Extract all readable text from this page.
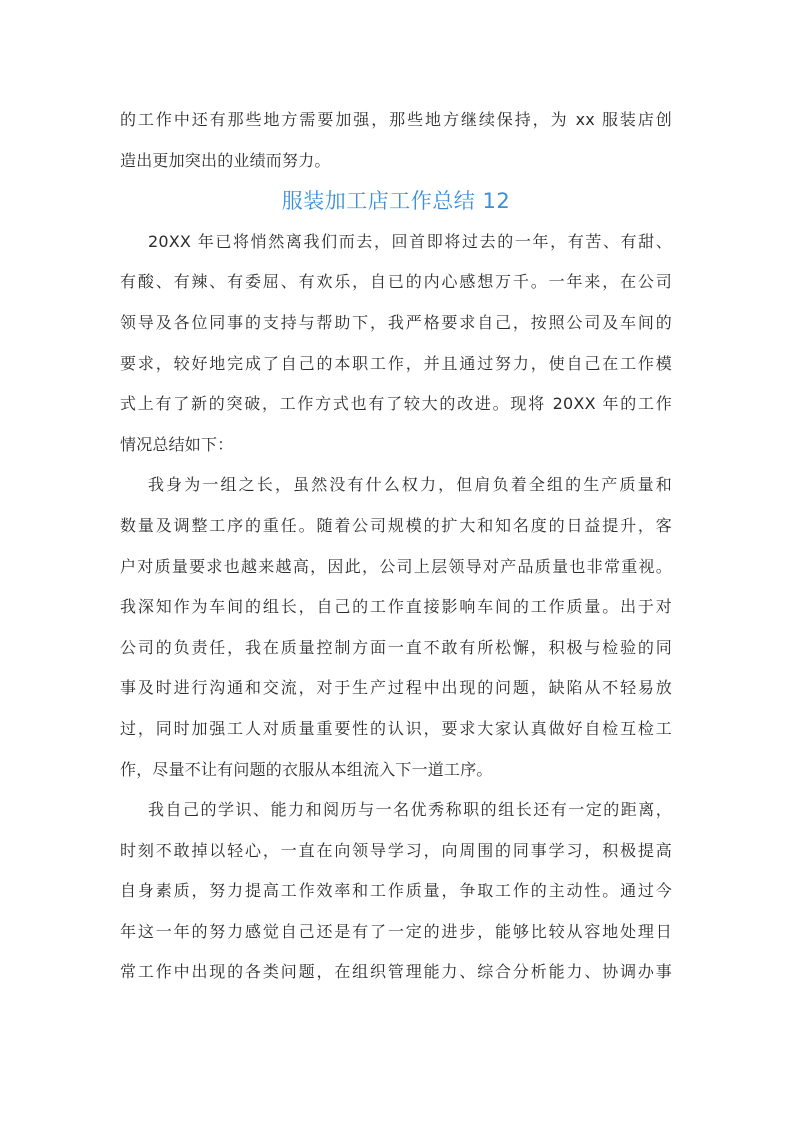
的工作中还有那些地方需要加强，那些地方继续保持，为 xx 服装店创
造出更加突出的业绩而努力。
服装加工店工作总结 12
20XX 年已将悄然离我们而去，回首即将过去的一年，有苦、有甜、
有酸、有辣、有委屈、有欢乐，自已的内心感想万千。一年来，在公司
领导及各位同事的支持与帮助下，我严格要求自己，按照公司及车间的
要求，较好地完成了自己的本职工作，并且通过努力，使自己在工作模
式上有了新的突破，工作方式也有了较大的改进。现将 20XX 年的工作
情况总结如下：
我身为一组之长，虽然没有什么权力，但肩负着全组的生产质量和
数量及调整工序的重任。随着公司规模的扩大和知名度的日益提升，客
户对质量要求也越来越高，因此，公司上层领导对产品质量也非常重视。
我深知作为车间的组长，自己的工作直接影响车间的工作质量。出于对
公司的负责任，我在质量控制方面一直不敢有所松懈，积极与检验的同
事及时进行沟通和交流，对于生产过程中出现的问题，缺陷从不轻易放
过，同时加强工人对质量重要性的认识，要求大家认真做好自检互检工
作，尽量不让有问题的衣服从本组流入下一道工序。
我自己的学识、能力和阅历与一名优秀称职的组长还有一定的距离，
时刻不敢掉以轻心，一直在向领导学习，向周围的同事学习，积极提高
自身素质，努力提高工作效率和工作质量，争取工作的主动性。通过今
年这一年的努力感觉自己还是有了一定的进步，能够比较从容地处理日
常工作中出现的各类问题，在组织管理能力、综合分析能力、协调办事
